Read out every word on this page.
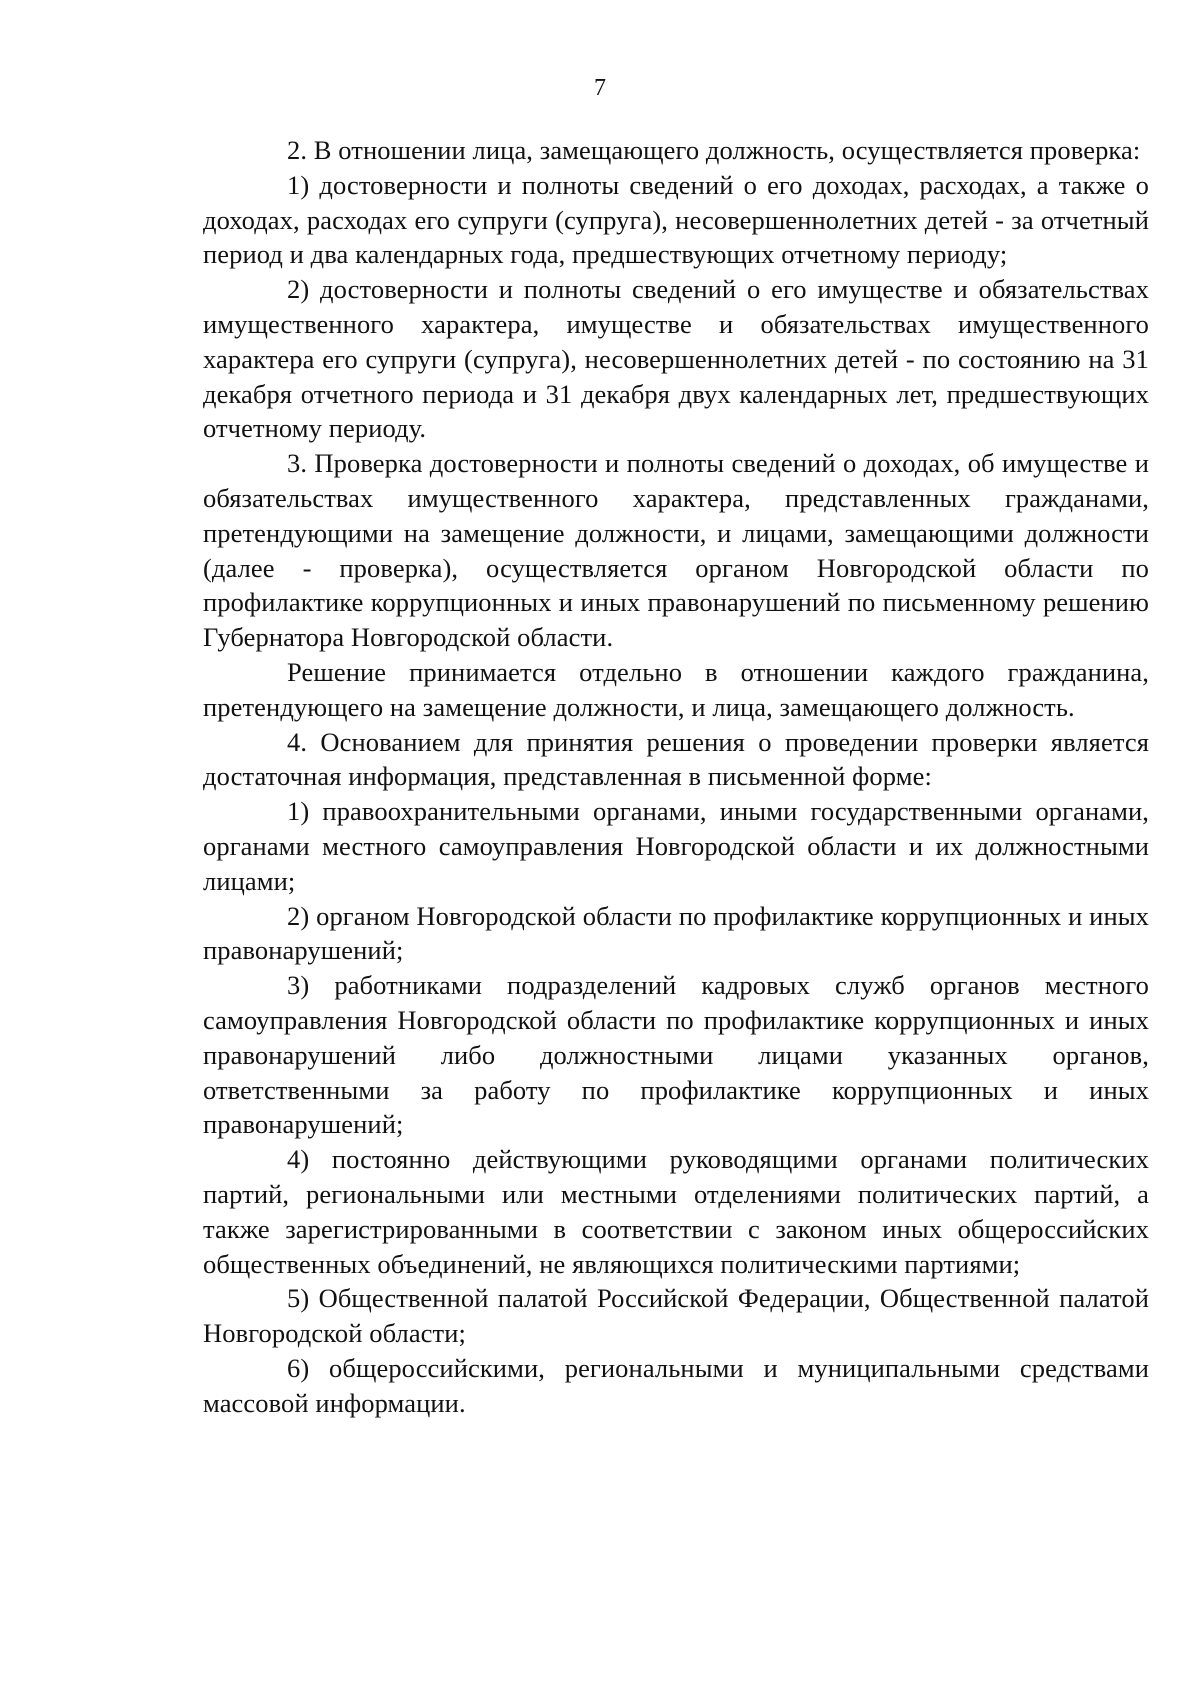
7

2. В отношении лица, замещающего должность, осуществляется проверка:

1) достоверности и полноты сведений о его доходах, расходах, а также о доходах, расходах его супруги (супруга), несовершеннолетних детей - за отчетный период и два календарных года, предшествующих отчетному периоду;

2) достоверности и полноты сведений о его имуществе и обязательствах имущественного характера, имуществе и обязательствах имущественного характера его супруги (супруга), несовершеннолетних детей - по состоянию на 31 декабря отчетного периода и 31 декабря двух календарных лет, предшествующих отчетному периоду.

3. Проверка достоверности и полноты сведений о доходах, об имуществе и обязательствах имущественного характера, представленных гражданами, претендующими на замещение должности, и лицами, замещающими должности (далее - проверка), осуществляется органом Новгородской области по профилактике коррупционных и иных правонарушений по письменному решению Губернатора Новгородской области.

Решение принимается отдельно в отношении каждого гражданина, претендующего на замещение должности, и лица, замещающего должность.

4. Основанием для принятия решения о проведении проверки является достаточная информация, представленная в письменной форме:

1) правоохранительными органами, иными государственными органами, органами местного самоуправления Новгородской области и их должностными лицами;

2) органом Новгородской области по профилактике коррупционных и иных правонарушений;

3) работниками подразделений кадровых служб органов местного самоуправления Новгородской области по профилактике коррупционных и иных правонарушений либо должностными лицами указанных органов, ответственными за работу по профилактике коррупционных и иных правонарушений;

4) постоянно действующими руководящими органами политических партий, региональными или местными отделениями политических партий, а также зарегистрированными в соответствии с законом иных общероссийских общественных объединений, не являющихся политическими партиями;

5) Общественной палатой Российской Федерации, Общественной палатой Новгородской области;

6) общероссийскими, региональными и муниципальными средствами массовой информации.
